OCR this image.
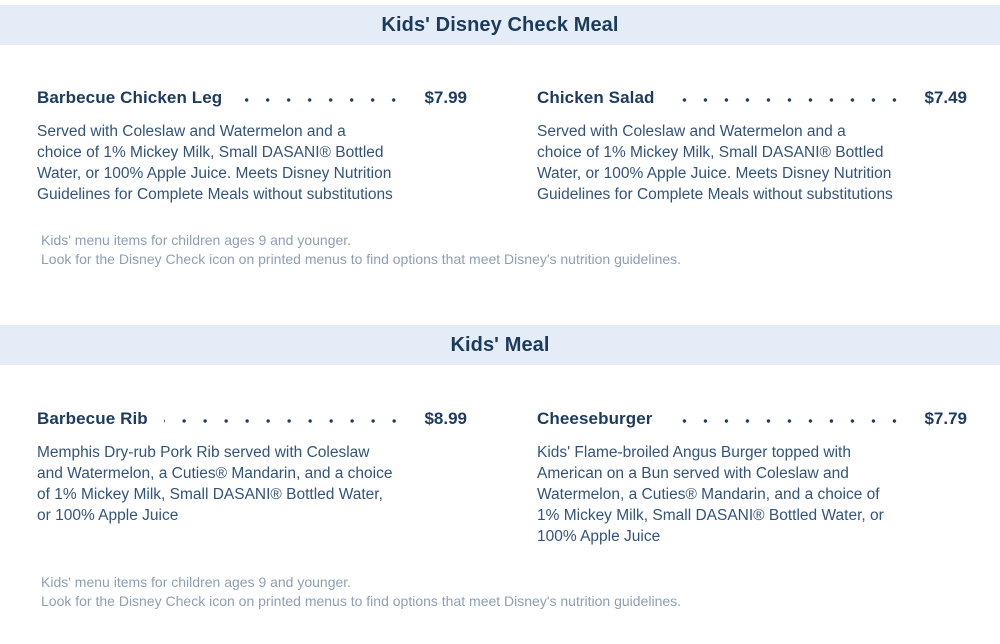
Kids' Disney Check Meal
Barbecue Chicken Leg	$7.99

Served with Coleslaw and Watermelon and a choice of 1% Mickey Milk, Small DASANI® Bottled Water, or 100% Apple Juice. Meets Disney Nutrition Guidelines for Complete Meals without substitutions

Chicken Salad	$7.49

Served with Coleslaw and Watermelon and a choice of 1% Mickey Milk, Small DASANI® Bottled Water, or 100% Apple Juice. Meets Disney Nutrition Guidelines for Complete Meals without substitutions

Kids' menu items for children ages 9 and younger.

Look for the Disney Check icon on printed menus to find options that meet Disney's nutrition guidelines.

Kids' Meal
Barbecue Rib	$8.99

Memphis Dry-rub Pork Rib served with Coleslaw and Watermelon, a Cuties® Mandarin, and a choice of 1% Mickey Milk, Small DASANI® Bottled Water, or 100% Apple Juice

Cheeseburger	$7.79

Kids' Flame-broiled Angus Burger topped with American on a Bun served with Coleslaw and Watermelon, a Cuties® Mandarin, and a choice of 1% Mickey Milk, Small DASANI® Bottled Water, or 100% Apple Juice

Kids' menu items for children ages 9 and younger.

Look for the Disney Check icon on printed menus to find options that meet Disney's nutrition guidelines.
